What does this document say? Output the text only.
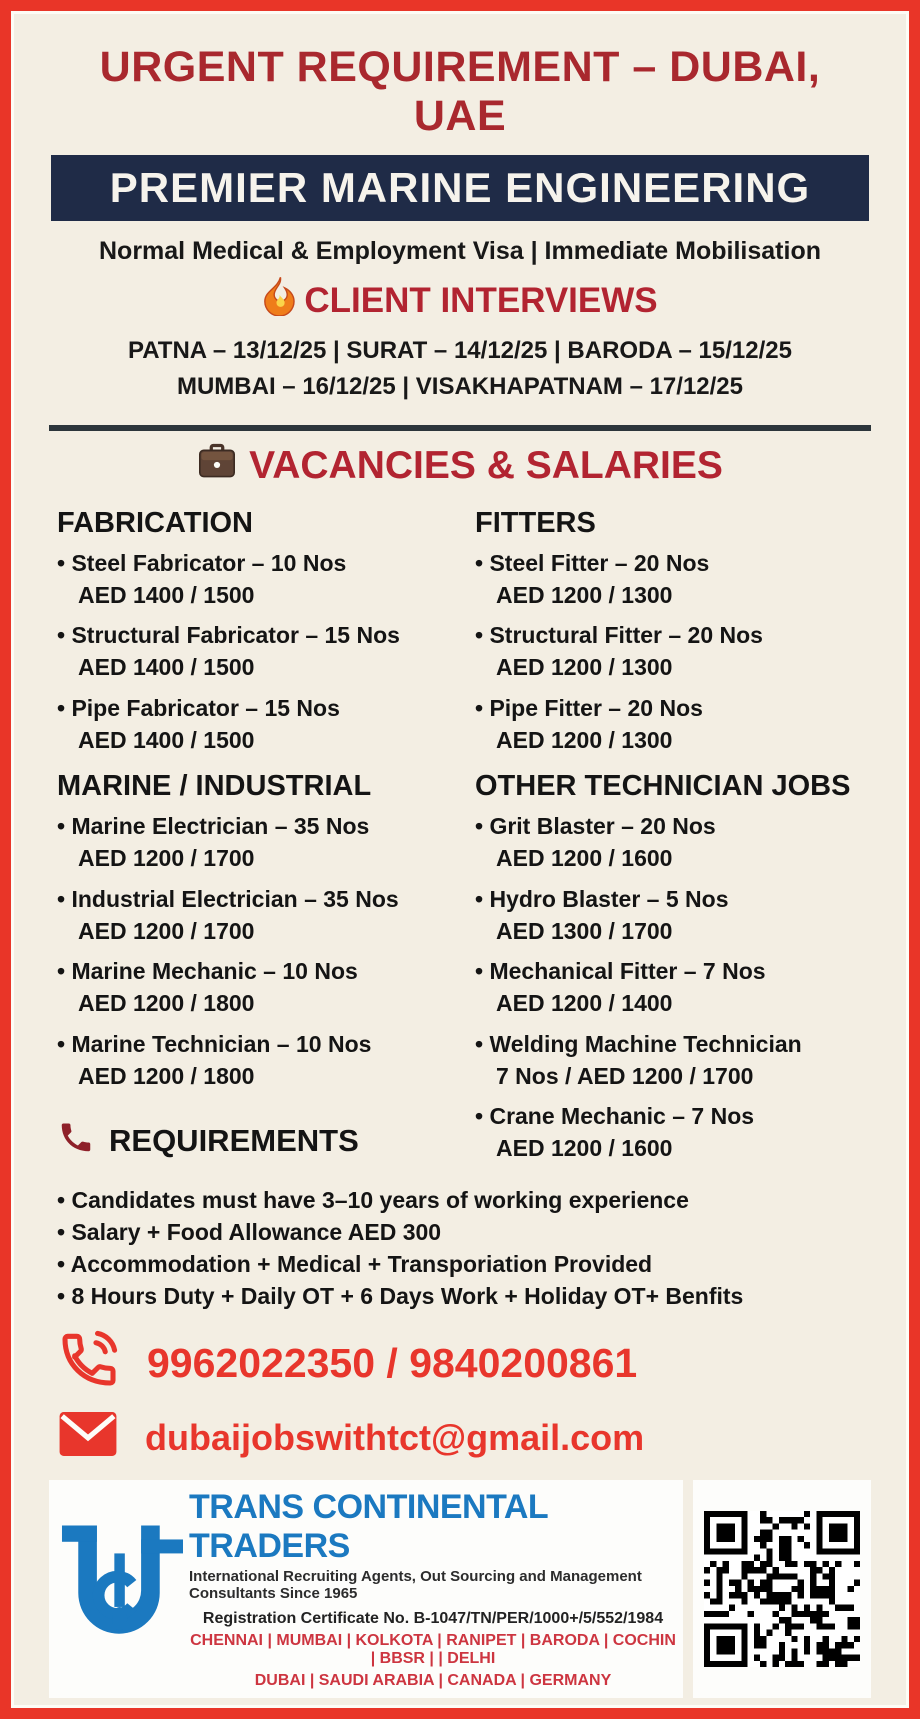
URGENT REQUIREMENT – DUBAI, UAE
PREMIER MARINE ENGINEERING
Normal Medical & Employment Visa | Immediate Mobilisation
CLIENT INTERVIEWS
PATNA – 13/12/25 | SURAT – 14/12/25 | BARODA – 15/12/25
MUMBAI – 16/12/25 | VISAKHAPATNAM – 17/12/25
VACANCIES & SALARIES
FABRICATION
• Steel Fabricator – 10 Nos
AED 1400 / 1500
• Structural Fabricator – 15 Nos
AED 1400 / 1500
• Pipe Fabricator – 15 Nos
AED 1400 / 1500
MARINE / INDUSTRIAL
• Marine Electrician – 35 Nos
AED 1200 / 1700
• Industrial Electrician – 35 Nos
AED 1200 / 1700
• Marine Mechanic – 10 Nos
AED 1200 / 1800
• Marine Technician – 10 Nos
AED 1200 / 1800
REQUIREMENTS
FITTERS
• Steel Fitter – 20 Nos
AED 1200 / 1300
• Structural Fitter – 20 Nos
AED 1200 / 1300
• Pipe Fitter – 20 Nos
AED 1200 / 1300
OTHER TECHNICIAN JOBS
• Grit Blaster – 20 Nos
AED 1200 / 1600
• Hydro Blaster – 5 Nos
AED 1300 / 1700
• Mechanical Fitter – 7 Nos
AED 1200 / 1400
• Welding Machine Technician
7 Nos / AED 1200 / 1700
• Crane Mechanic – 7 Nos
AED 1200 / 1600
• Candidates must have 3–10 years of working experience
• Salary + Food Allowance AED 300
• Accommodation + Medical + Transporiation Provided
• 8 Hours Duty + Daily OT + 6 Days Work + Holiday OT+ Benfits
9962022350 / 9840200861
dubaijobswithtct@gmail.com
TRANS CONTINENTAL TRADERS
International Recruiting Agents, Out Sourcing and Management Consultants Since 1965
Registration Certificate No. B-1047/TN/PER/1000+/5/552/1984
CHENNAI | MUMBAI | KOLKOTA | RANIPET | BARODA | COCHIN | BBSR | | DELHI
DUBAI | SAUDI ARABIA | CANADA | GERMANY
